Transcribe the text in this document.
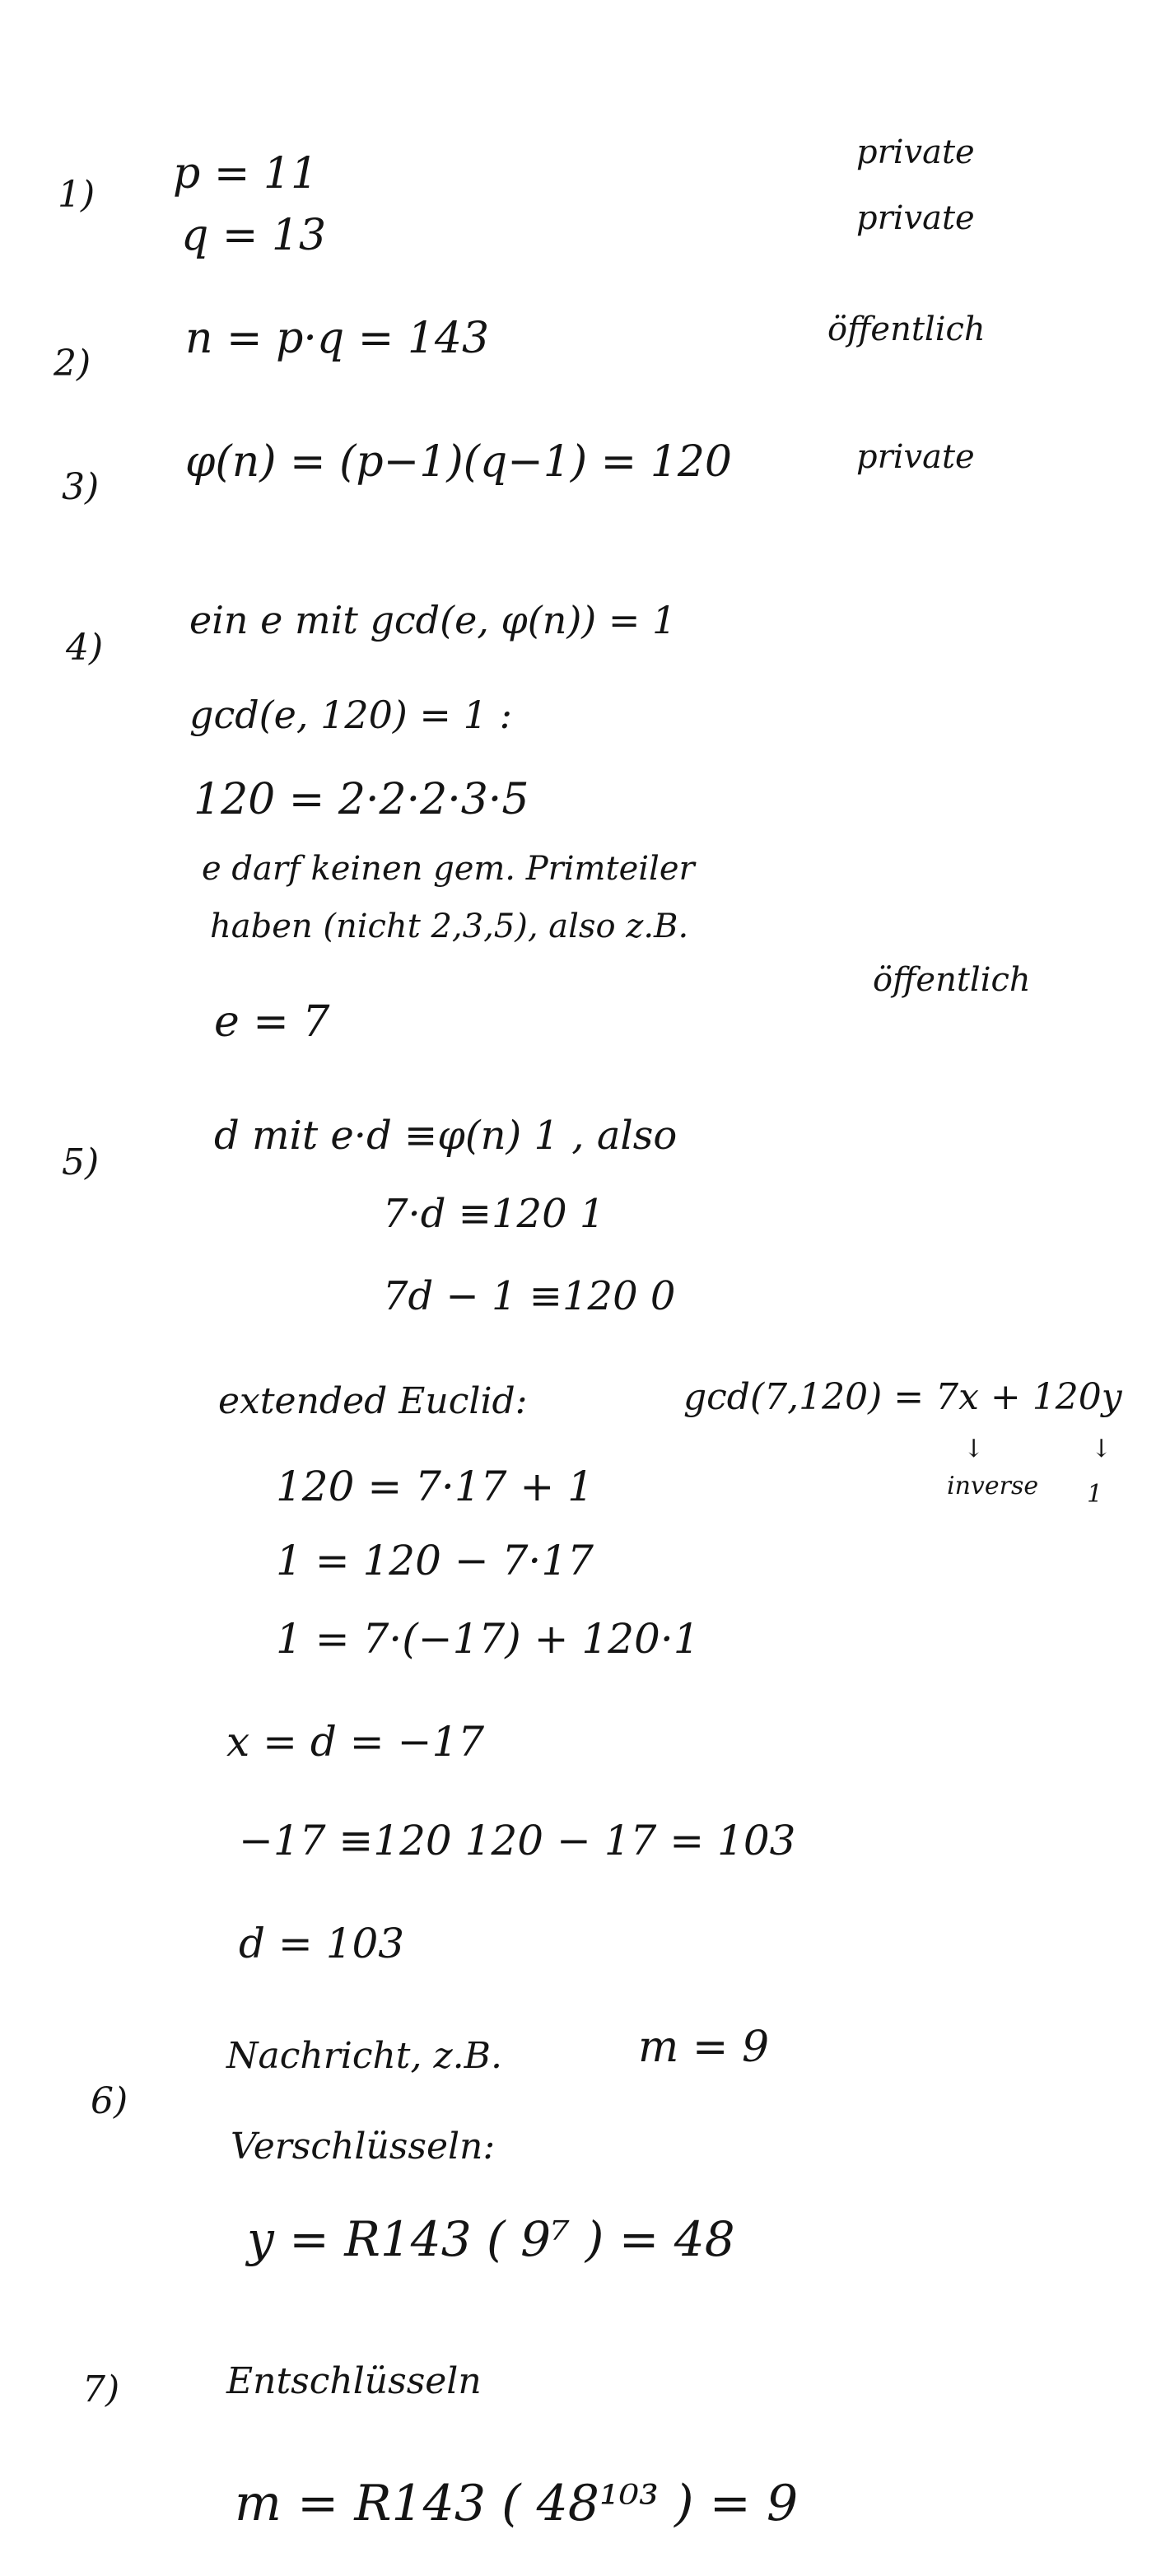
1) p = 11
q = 13
private
private
2)
n = p·q = 143	öffentlich
3)
φ(n) = (p−1)(q−1) = 120	private
4)
ein e mit gcd(e, φ(n)) = 1
gcd(e, 120) = 1 :
120 = 2·2·2·3·5
e darf keinen gem. Primteiler
haben (nicht 2,3,5), also z.B.
e = 7
öffentlich
5)
d mit e·d ≡φ(n) 1 , also
7·d ≡120 1
7d − 1 ≡120 0
extended Euclid:	gcd(7,120) = 7x + 120y
↓	↓
inverse 1
120 = 7·17 + 1
1 = 120 − 7·17
1 = 7·(−17) + 120·1
x = d = −17
−17 ≡120 120 − 17 = 103
d = 103
6)
Nachricht, z.B.	m = 9
Verschlüsseln:
y = R143 ( 9⁷ ) = 48
7)	Entschlüsseln
m = R143 ( 48¹⁰³ ) = 9
